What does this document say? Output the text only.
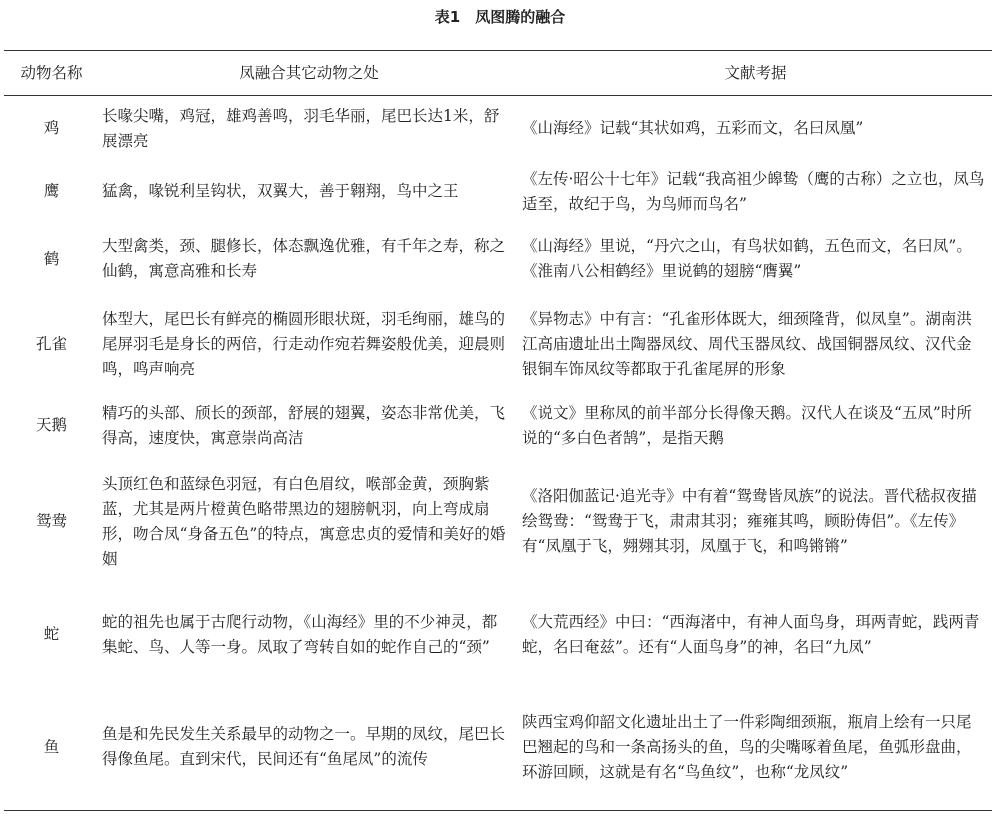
表1　凤图腾的融合
动物名称	凤融合其它动物之处	文献考据
鸡	长喙尖嘴，鸡冠，雄鸡善鸣，羽毛华丽，尾巴长达1米，舒展漂亮	《山海经》记载“其状如鸡，五彩而文，名曰凤凰”
鹰	猛禽，喙锐利呈钩状，双翼大，善于翱翔，鸟中之王	《左传·昭公十七年》记载“我高祖少皞鸷（鹰的古称）之立也，凤鸟适至，故纪于鸟，为鸟师而鸟名”
鹤	大型禽类，颈、腿修长，体态飘逸优雅，有千年之寿，称之仙鹤，寓意高雅和长寿	《山海经》里说，“丹穴之山，有鸟状如鹤，五色而文，名曰凤”。《淮南八公相鹤经》里说鹤的翅膀“膺翼”
孔雀	体型大，尾巴长有鲜亮的椭圆形眼状斑，羽毛绚丽，雄鸟的尾屏羽毛是身长的两倍，行走动作宛若舞姿般优美，迎晨则鸣，鸣声响亮	《异物志》中有言：“孔雀形体既大，细颈隆背，似凤皇”。湖南洪江高庙遗址出土陶器凤纹、周代玉器凤纹、战国铜器凤纹、汉代金银铜车饰凤纹等都取于孔雀尾屏的形象
天鹅	精巧的头部、颀长的颈部，舒展的翅翼，姿态非常优美，飞得高，速度快，寓意崇尚高洁	《说文》里称凤的前半部分长得像天鹅。汉代人在谈及“五凤”时所说的“多白色者鹄”，是指天鹅
鸳鸯	头顶红色和蓝绿色羽冠，有白色眉纹，喉部金黄，颈胸紫蓝，尤其是两片橙黄色略带黑边的翅膀帆羽，向上弯成扇形，吻合凤“身备五色”的特点，寓意忠贞的爱情和美好的婚姻	《洛阳伽蓝记·追光寺》中有着“鸳鸯皆凤族”的说法。晋代嵇叔夜描绘鸳鸯：“鸳鸯于飞，肃肃其羽；雍雍其鸣，顾盼俦侣”。《左传》有“凤凰于飞，翙翙其羽，凤凰于飞，和鸣锵锵”
蛇	蛇的祖先也属于古爬行动物，《山海经》里的不少神灵，都集蛇、鸟、人等一身。凤取了弯转自如的蛇作自己的“颈”	《大荒西经》中曰：“西海渚中，有神人面鸟身，珥两青蛇，践两青蛇，名曰奄兹”。还有“人面鸟身”的神，名曰“九凤”
鱼	鱼是和先民发生关系最早的动物之一。早期的凤纹，尾巴长得像鱼尾。直到宋代，民间还有“鱼尾凤”的流传	陕西宝鸡仰韶文化遗址出土了一件彩陶细颈瓶，瓶肩上绘有一只尾巴翘起的鸟和一条高扬头的鱼，鸟的尖嘴啄着鱼尾，鱼弧形盘曲，环游回顾，这就是有名“鸟鱼纹”，也称“龙凤纹”
